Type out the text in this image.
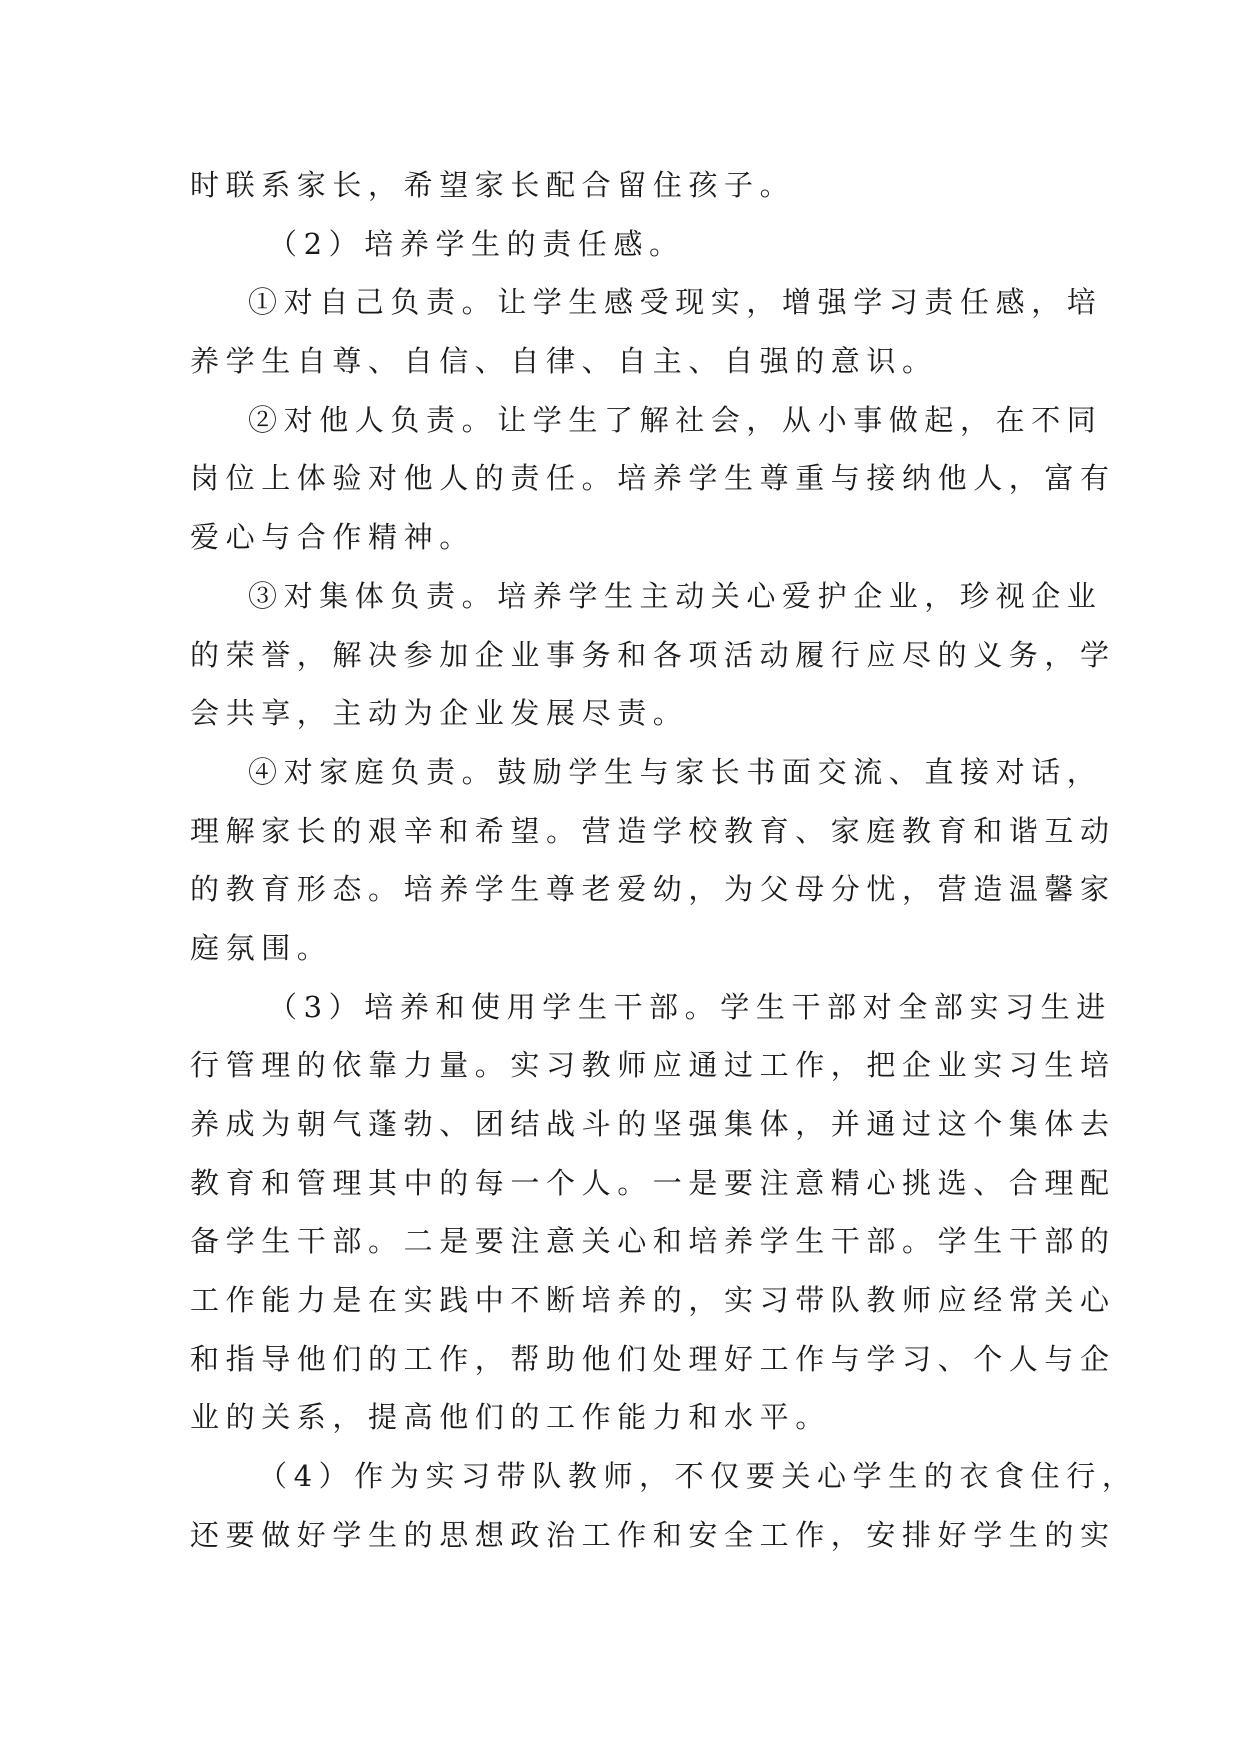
时联系家长，希望家长配合留住孩子。
（2）培养学生的责任感。
①对自己负责。让学生感受现实，增强学习责任感，培
养学生自尊、自信、自律、自主、自强的意识。
②对他人负责。让学生了解社会，从小事做起，在不同
岗位上体验对他人的责任。培养学生尊重与接纳他人，富有
爱心与合作精神。
③对集体负责。培养学生主动关心爱护企业，珍视企业
的荣誉，解决参加企业事务和各项活动履行应尽的义务，学
会共享，主动为企业发展尽责。
④对家庭负责。鼓励学生与家长书面交流、直接对话，
理解家长的艰辛和希望。营造学校教育、家庭教育和谐互动
的教育形态。培养学生尊老爱幼，为父母分忧，营造温馨家
庭氛围。
（3）培养和使用学生干部。学生干部对全部实习生进
行管理的依靠力量。实习教师应通过工作，把企业实习生培
养成为朝气蓬勃、团结战斗的坚强集体，并通过这个集体去
教育和管理其中的每一个人。一是要注意精心挑选、合理配
备学生干部。二是要注意关心和培养学生干部。学生干部的
工作能力是在实践中不断培养的，实习带队教师应经常关心
和指导他们的工作，帮助他们处理好工作与学习、个人与企
业的关系，提高他们的工作能力和水平。
（4）作为实习带队教师，不仅要关心学生的衣食住行，
还要做好学生的思想政治工作和安全工作，安排好学生的实
